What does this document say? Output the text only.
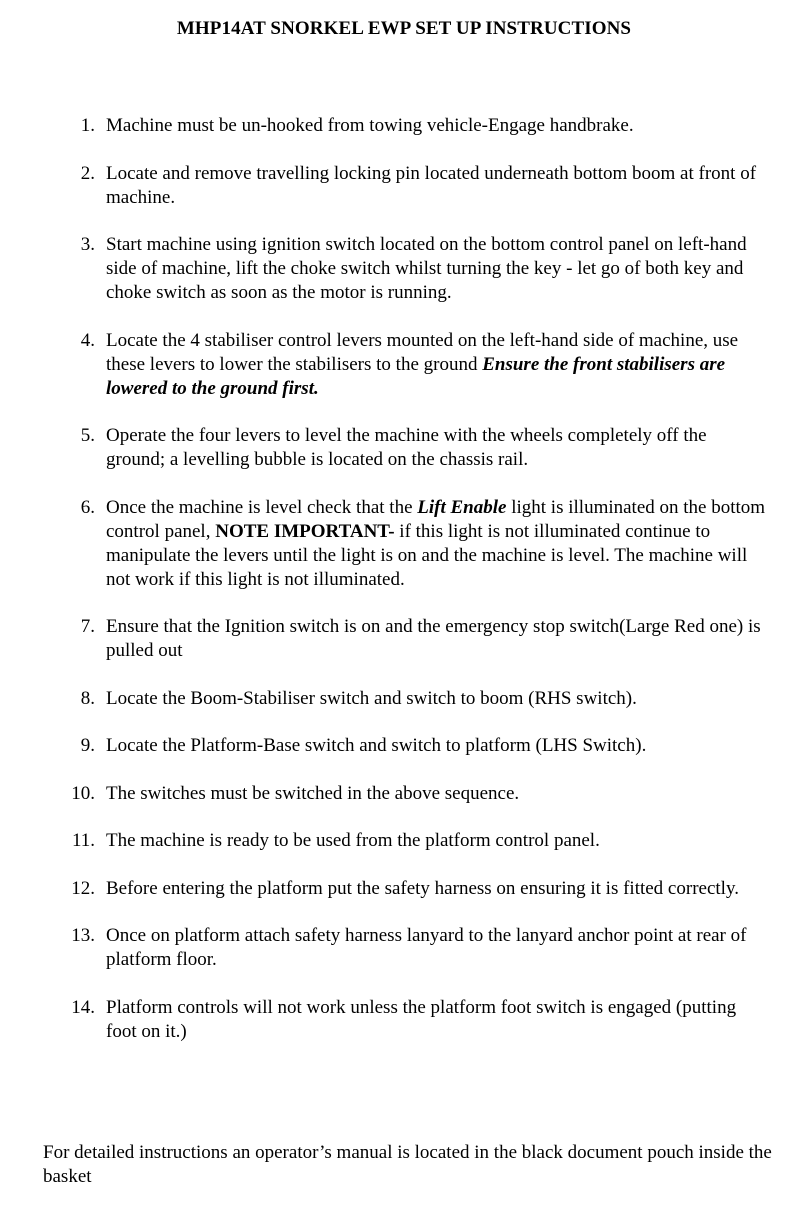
MHP14AT SNORKEL EWP SET UP INSTRUCTIONS
1. Machine must be un-hooked from towing vehicle-Engage handbrake.
2. Locate and remove travelling locking pin located underneath bottom boom at front of machine.
3. Start machine using ignition switch located on the bottom control panel on left-hand side of machine, lift the choke switch whilst turning the key - let go of both key and choke switch as soon as the motor is running.
4. Locate the 4 stabiliser control levers mounted on the left-hand side of machine, use these levers to lower the stabilisers to the ground Ensure the front stabilisers are lowered to the ground first.
5. Operate the four levers to level the machine with the wheels completely off the ground; a levelling bubble is located on the chassis rail.
6. Once the machine is level check that the Lift Enable light is illuminated on the bottom control panel, NOTE IMPORTANT- if this light is not illuminated continue to manipulate the levers until the light is on and the machine is level. The machine will not work if this light is not illuminated.
7. Ensure that the Ignition switch is on and the emergency stop switch(Large Red one) is pulled out
8. Locate the Boom-Stabiliser switch and switch to boom (RHS switch).
9. Locate the Platform-Base switch and switch to platform (LHS Switch).
10. The switches must be switched in the above sequence.
11. The machine is ready to be used from the platform control panel.
12. Before entering the platform put the safety harness on ensuring it is fitted correctly.
13. Once on platform attach safety harness lanyard to the lanyard anchor point at rear of platform floor.
14. Platform controls will not work unless the platform foot switch is engaged (putting foot on it.)
For detailed instructions an operator’s manual is located in the black document pouch inside the basket
